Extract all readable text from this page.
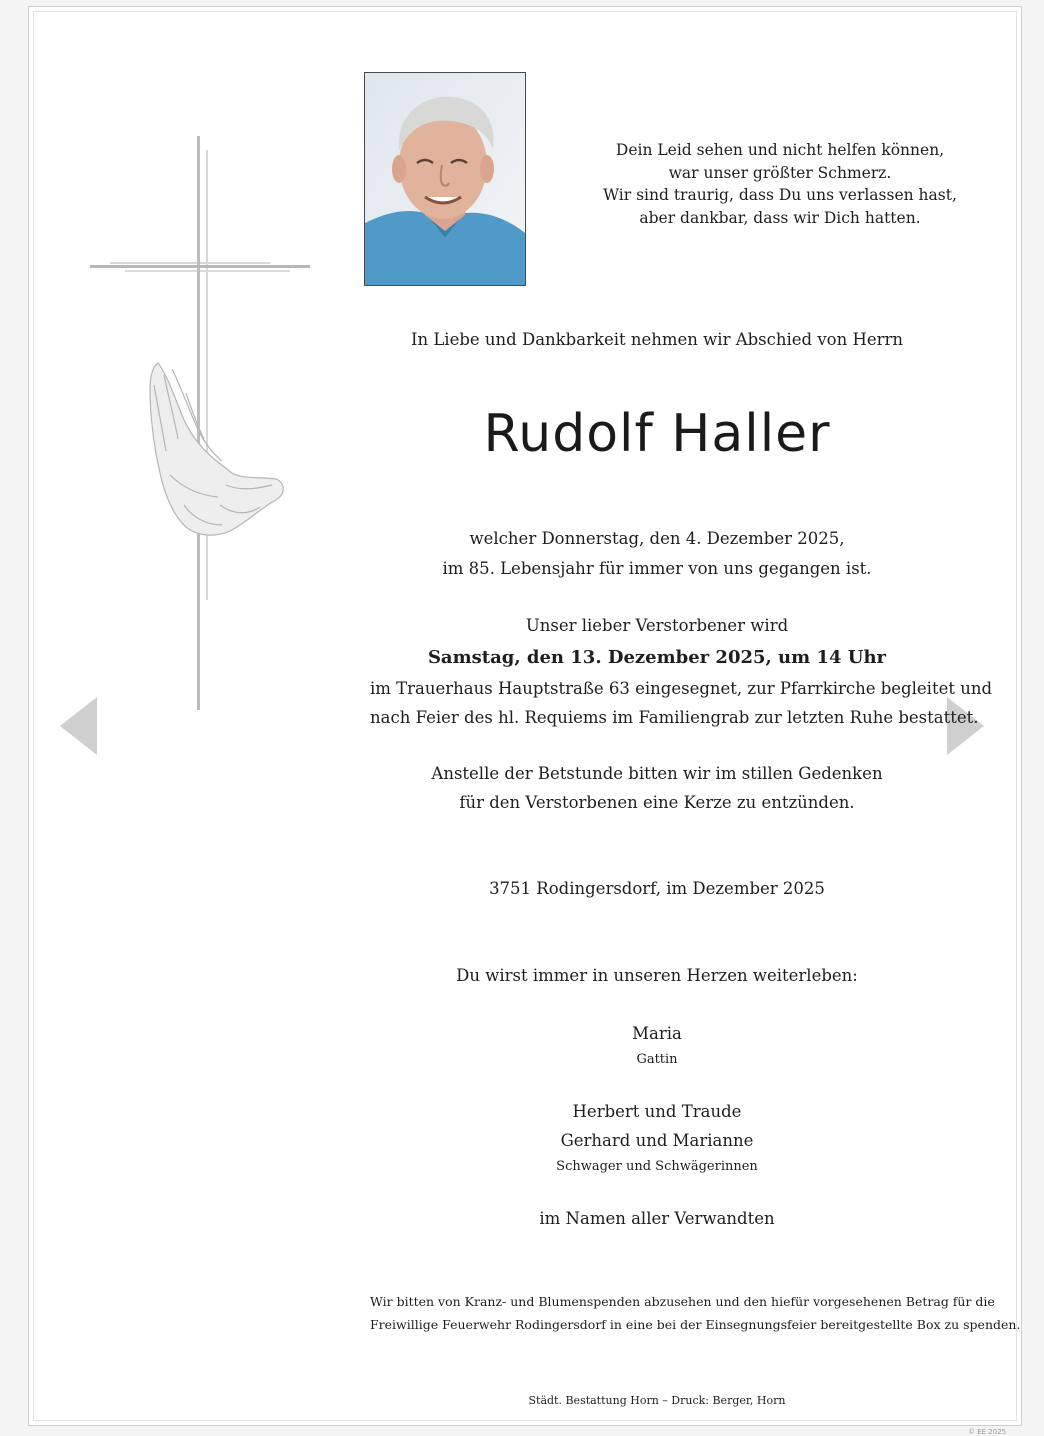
Dein Leid sehen und nicht helfen können,
war unser größter Schmerz.
Wir sind traurig, dass Du uns verlassen hast,
aber dankbar, dass wir Dich hatten.
In Liebe und Dankbarkeit nehmen wir Abschied von Herrn
Rudolf Haller
welcher Donnerstag, den 4. Dezember 2025,
im 85. Lebensjahr für immer von uns gegangen ist.
Unser lieber Verstorbener wird
Samstag, den 13. Dezember 2025, um 14 Uhr
im Trauerhaus Hauptstraße 63 eingesegnet, zur Pfarrkirche begleitet und
nach Feier des hl. Requiems im Familiengrab zur letzten Ruhe bestattet.
Anstelle der Betstunde bitten wir im stillen Gedenken
für den Verstorbenen eine Kerze zu entzünden.
3751 Rodingersdorf, im Dezember 2025
Du wirst immer in unseren Herzen weiterleben:
Maria
Gattin
Herbert und Traude
Gerhard und Marianne
Schwager und Schwägerinnen
im Namen aller Verwandten
Wir bitten von Kranz- und Blumenspenden abzusehen und den hiefür vorgesehenen Betrag für die
Freiwillige Feuerwehr Rodingersdorf in eine bei der Einsegnungsfeier bereitgestellte Box zu spenden.
Städt. Bestattung Horn – Druck: Berger, Horn
© EE 2025
